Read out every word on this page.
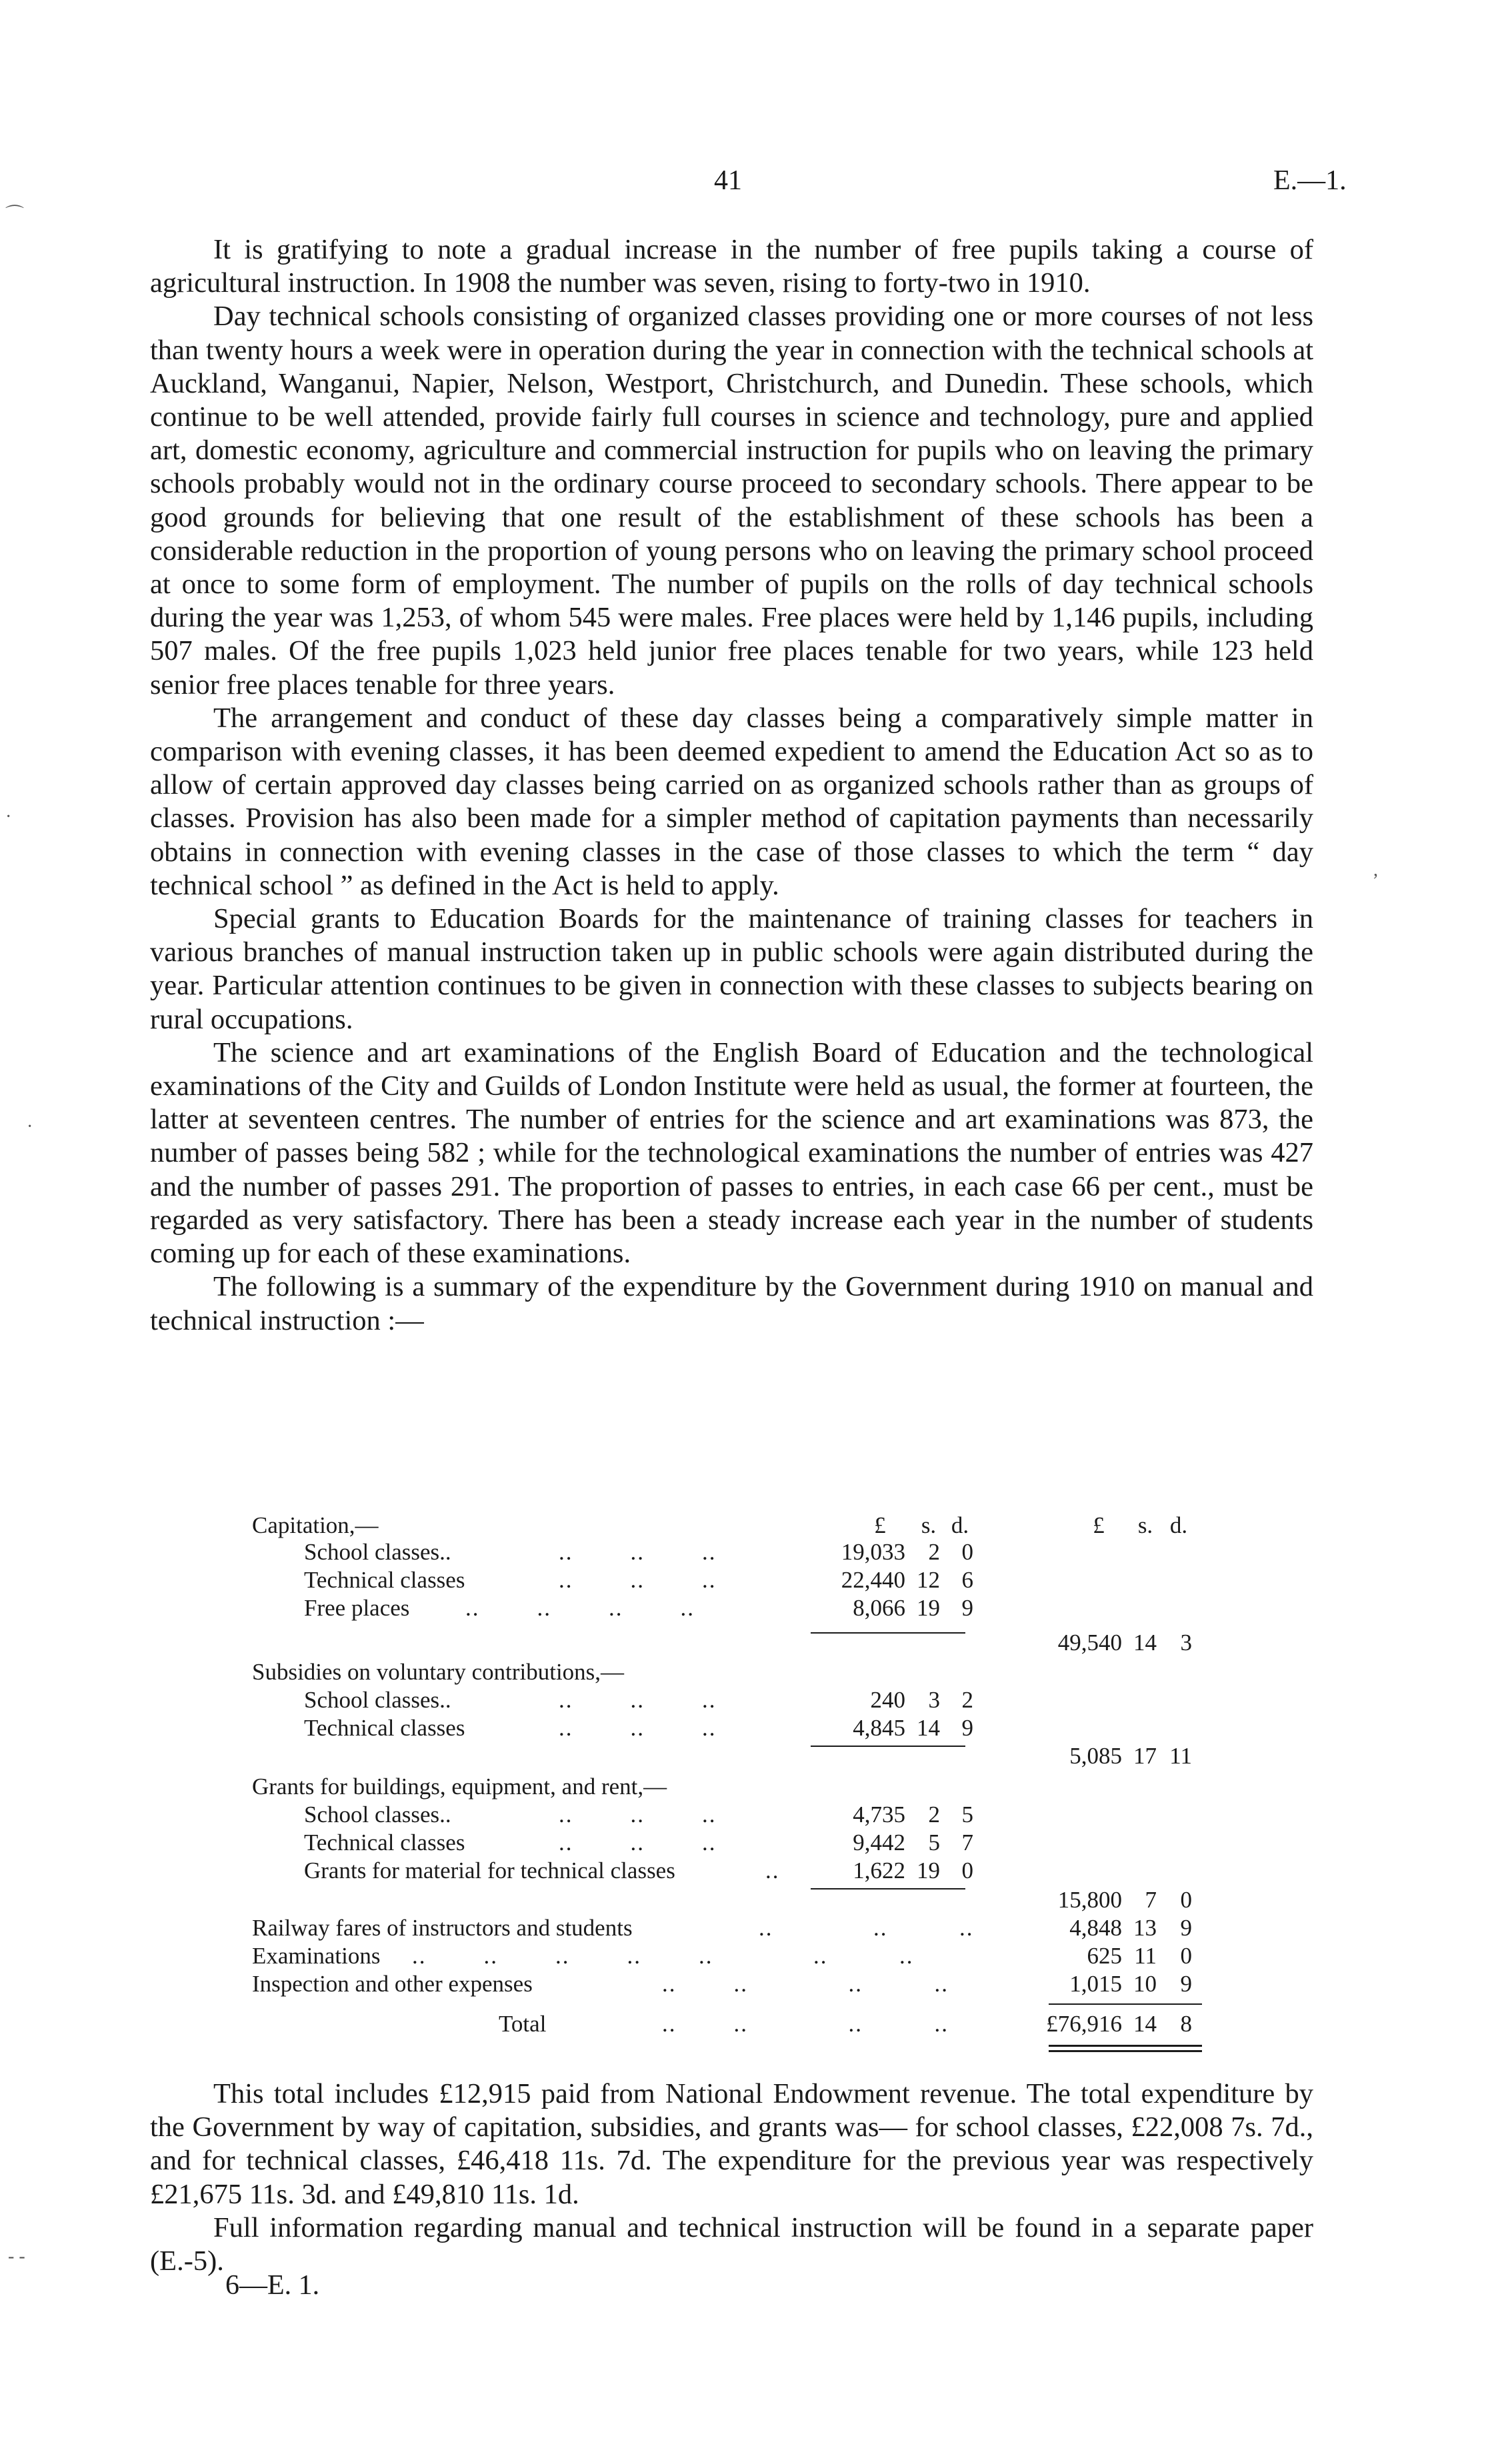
41	E.—1.
⌒
·
,
·
- -

It is gratifying to note a gradual increase in the number of free pupils taking a course of agricultural instruction. In 1908 the number was seven, rising to forty-two in 1910.

Day technical schools consisting of organized classes providing one or more courses of not less than twenty hours a week were in operation during the year in connection with the technical schools at Auckland, Wanganui, Napier, Nelson, Westport, Christchurch, and Dunedin. These schools, which continue to be well attended, provide fairly full courses in science and technology, pure and applied art, domestic economy, agriculture and commercial instruction for pupils who on leaving the primary schools probably would not in the ordinary course proceed to secondary schools. There appear to be good grounds for believing that one result of the establishment of these schools has been a considerable reduction in the proportion of young persons who on leaving the primary school proceed at once to some form of employment. The number of pupils on the rolls of day technical schools during the year was 1,253, of whom 545 were males. Free places were held by 1,146 pupils, including 507 males. Of the free pupils 1,023 held junior free places tenable for two years, while 123 held senior free places tenable for three years.

The arrangement and conduct of these day classes being a comparatively simple matter in comparison with evening classes, it has been deemed expedient to amend the Education Act so as to allow of certain approved day classes being carried on as organized schools rather than as groups of classes. Provision has also been made for a simpler method of capitation payments than necessarily obtains in connection with evening classes in the case of those classes to which the term “ day technical school ” as defined in the Act is held to apply.

Special grants to Education Boards for the maintenance of training classes for teachers in various branches of manual instruction taken up in public schools were again distributed during the year. Particular attention continues to be given in connection with these classes to subjects bearing on rural occupations.

The science and art examinations of the English Board of Education and the technological examinations of the City and Guilds of London Institute were held as usual, the former at fourteen, the latter at seventeen centres. The number of entries for the science and art examinations was 873, the number of passes being 582 ; while for the technological examinations the number of entries was 427 and the number of passes 291. The proportion of passes to entries, in each case 66 per cent., must be regarded as very satisfactory. There has been a steady increase each year in the number of students coming up for each of these examinations.

The following is a summary of the expenditure by the Government during 1910 on manual and technical instruction :—

Capitation,—	£	s. d.	£	s. d.
School classes..	..        ..        ..	19,033 2 0
Technical classes	..        ..        ..	22,440 12 6
Free places ..        ..        ..        ..	8,066 19 9
49,540 14	3
Subsidies on voluntary contributions,—
School classes..	..        ..        ..	240 3 2
Technical classes	..        ..        ..	4,845 14 9
5,085 17 11
Grants for buildings, equipment, and rent,—
School classes..	..        ..        ..	4,735 2 5
Technical classes	..        ..        ..	9,442 5 7
Grants for material for technical classes	..	1,622 19 0
15,800 7	0
Railway fares of instructors and students	..              ..          ..	4,848 13	9
Examinations ..        ..        ..        ..        ..              ..          ..	625 11	0
Inspection and other expenses	..        ..              ..          ..	1,015 10	9
Total	..        ..              ..          ..	£76,916 14	8

This total includes £12,915 paid from National Endowment revenue. The total expenditure by the Government by way of capitation, subsidies, and grants was— for school classes, £22,008 7s. 7d., and for technical classes, £46,418 11s. 7d. The expenditure for the previous year was respectively £21,675 11s. 3d. and £49,810 11s. 1d.

Full information regarding manual and technical instruction will be found in a separate paper (E.-5).

6—E. 1.
